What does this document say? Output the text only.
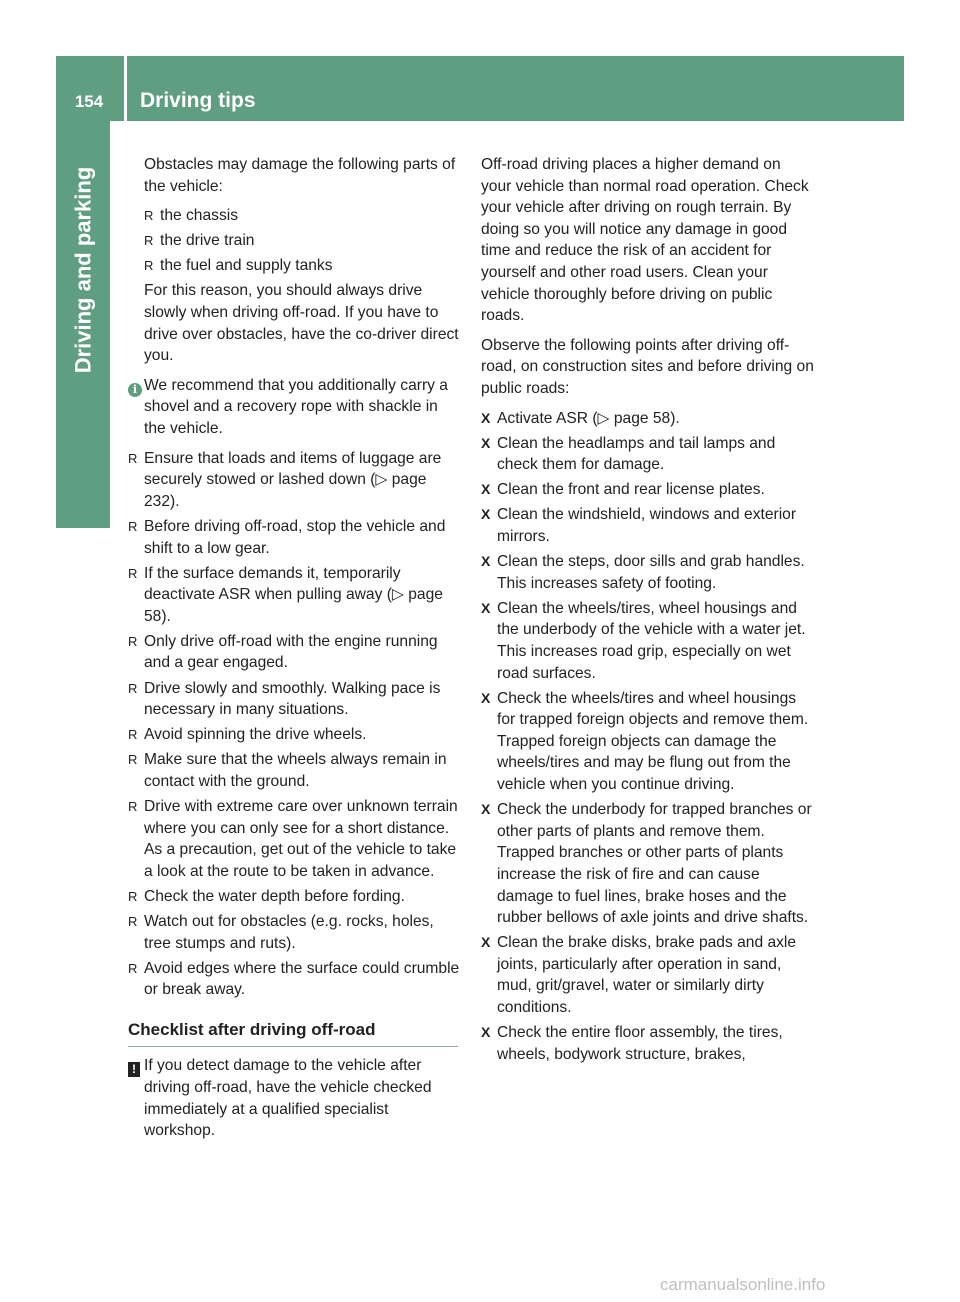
154	Driving tips
Driving and parking

Obstacles may damage the following parts of the vehicle:

R the chassis
R the drive train
R the fuel and supply tanks

For this reason, you should always drive slowly when driving off-road. If you have to drive over obstacles, have the co-driver direct you.

i We recommend that you additionally carry a shovel and a recovery rope with shackle in the vehicle.
R Ensure that loads and items of luggage are securely stowed or lashed down (▷ page 232).
R Before driving off-road, stop the vehicle and shift to a low gear.
R If the surface demands it, temporarily deactivate ASR when pulling away (▷ page 58).
R Only drive off-road with the engine running and a gear engaged.
R Drive slowly and smoothly. Walking pace is necessary in many situations.
R Avoid spinning the drive wheels.
R Make sure that the wheels always remain in contact with the ground.
R Drive with extreme care over unknown terrain where you can only see for a short distance. As a precaution, get out of the vehicle to take a look at the route to be taken in advance.
R Check the water depth before fording.
R Watch out for obstacles (e.g. rocks, holes, tree stumps and ruts).
R Avoid edges where the surface could crumble or break away.
Checklist after driving off-road
! If you detect damage to the vehicle after driving off-road, have the vehicle checked immediately at a qualified specialist workshop.

Off-road driving places a higher demand on your vehicle than normal road operation. Check your vehicle after driving on rough terrain. By doing so you will notice any damage in good time and reduce the risk of an accident for yourself and other road users. Clean your vehicle thoroughly before driving on public roads.

Observe the following points after driving off-road, on construction sites and before driving on public roads:

X Activate ASR (▷ page 58).
X Clean the headlamps and tail lamps and check them for damage.
X Clean the front and rear license plates.
X Clean the windshield, windows and exterior mirrors.
X Clean the steps, door sills and grab handles.
This increases safety of footing.
X Clean the wheels/tires, wheel housings and the underbody of the vehicle with a water jet.
This increases road grip, especially on wet road surfaces.
X Check the wheels/tires and wheel housings for trapped foreign objects and remove them.
Trapped foreign objects can damage the wheels/tires and may be flung out from the vehicle when you continue driving.
X Check the underbody for trapped branches or other parts of plants and remove them.
Trapped branches or other parts of plants increase the risk of fire and can cause damage to fuel lines, brake hoses and the rubber bellows of axle joints and drive shafts.
X Clean the brake disks, brake pads and axle joints, particularly after operation in sand, mud, grit/gravel, water or similarly dirty conditions.
X Check the entire floor assembly, the tires, wheels, bodywork structure, brakes,
carmanualsonline.info
